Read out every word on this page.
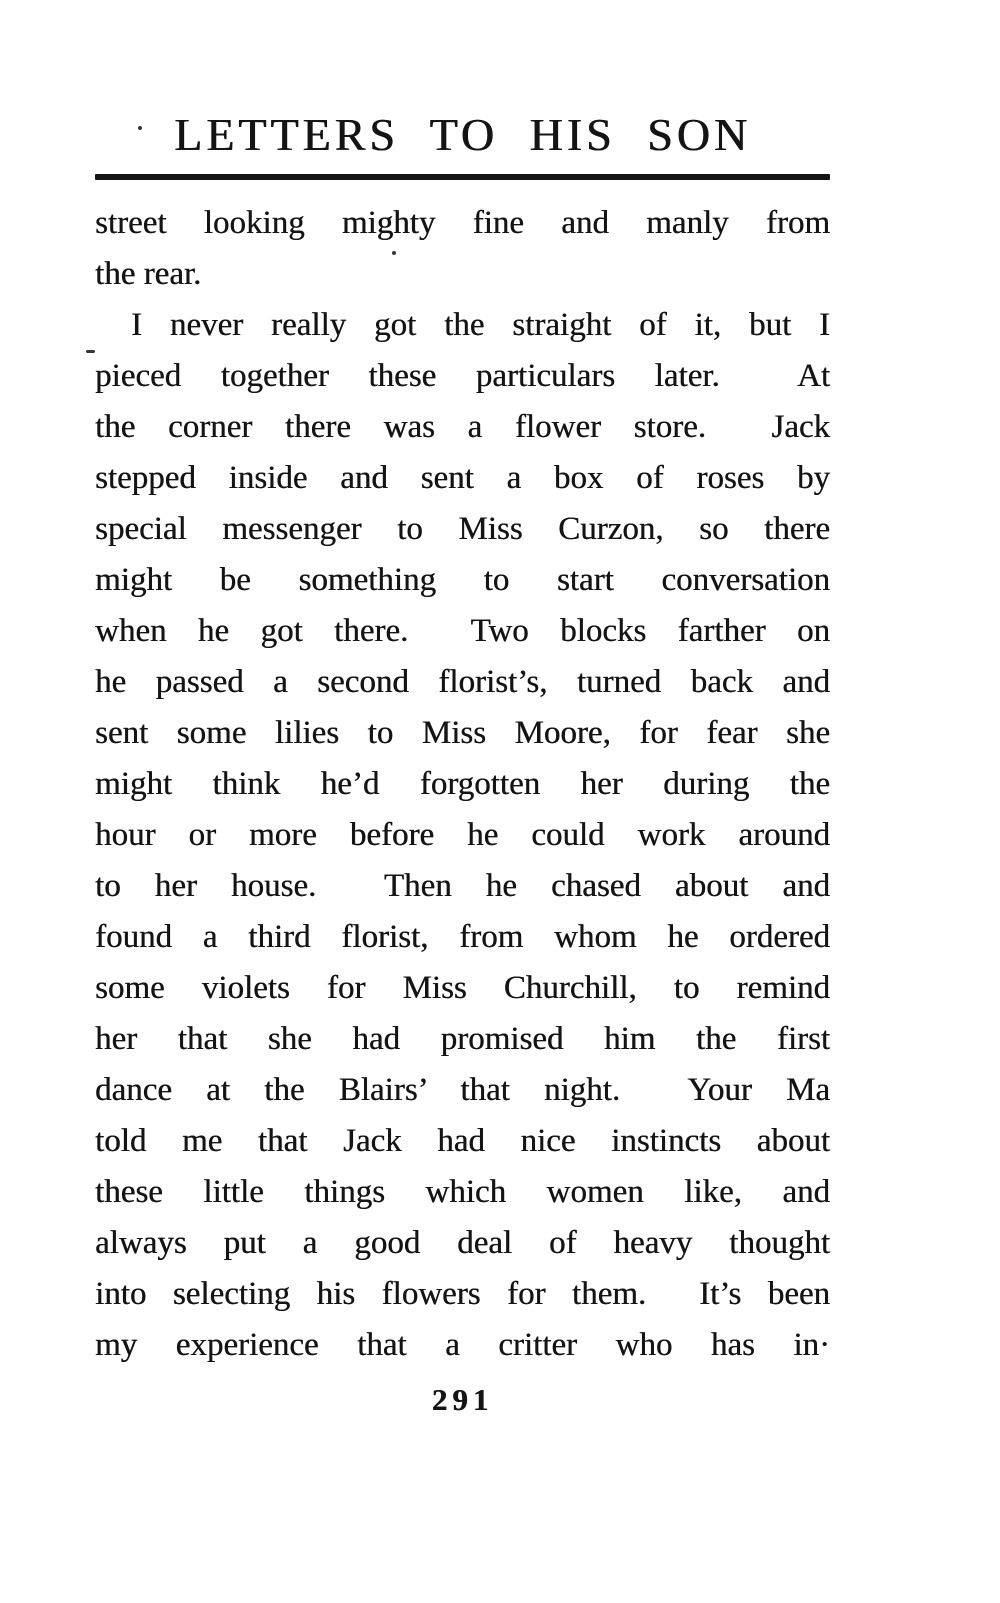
LETTERS TO HIS SON
street looking mighty fine and manly from
the rear.
I never really got the straight of it, but I
pieced together these particulars later.  At
the corner there was a flower store.  Jack
stepped inside and sent a box of roses by
special messenger to Miss Curzon, so there
might be something to start conversation
when he got there.  Two blocks farther on
he passed a second florist’s, turned back and
sent some lilies to Miss Moore, for fear she
might think he’d forgotten her during the
hour or more before he could work around
to her house.  Then he chased about and
found a third florist, from whom he ordered
some violets for Miss Churchill, to remind
her that she had promised him the first
dance at the Blairs’ that night.  Your Ma
told me that Jack had nice instincts about
these little things which women like, and
always put a good deal of heavy thought
into selecting his flowers for them.  It’s been
my experience that a critter who has in·
291
